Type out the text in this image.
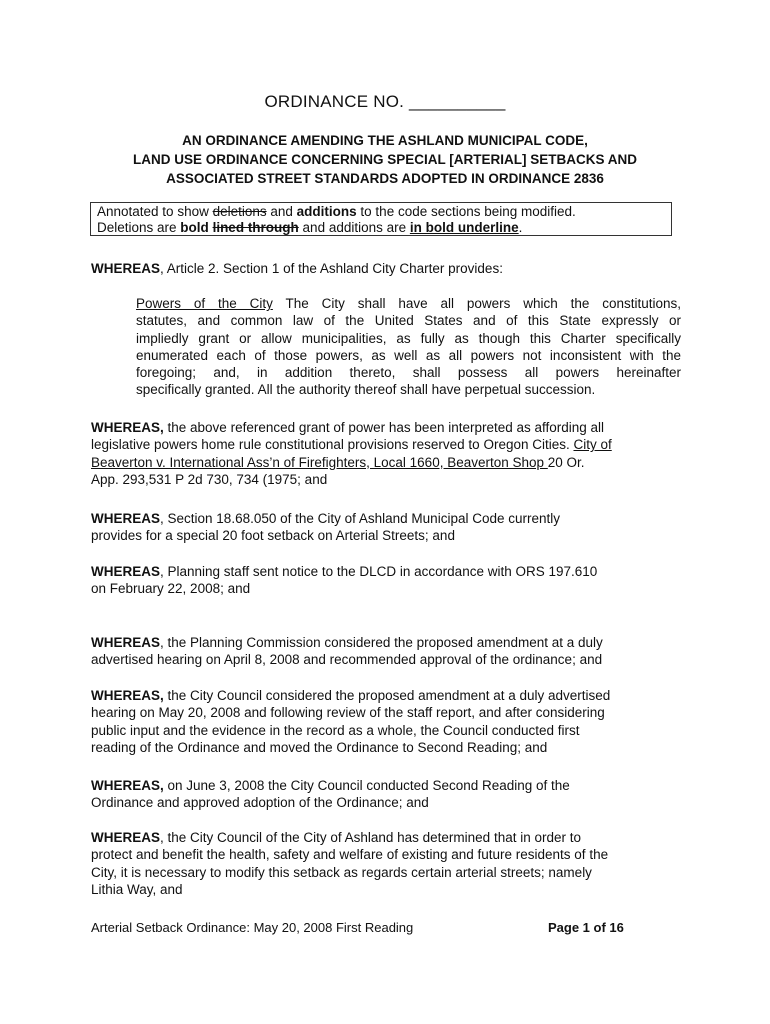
ORDINANCE NO. __________
AN ORDINANCE AMENDING THE ASHLAND MUNICIPAL CODE,
LAND USE ORDINANCE CONCERNING SPECIAL [ARTERIAL] SETBACKS AND
ASSOCIATED STREET STANDARDS ADOPTED IN ORDINANCE 2836
Annotated to show deletions and additions to the code sections being modified.
Deletions are bold lined through and additions are in bold underline.
WHEREAS, Article 2. Section 1 of the Ashland City Charter provides:
Powers of the City The City shall have all powers which the constitutions,
statutes, and common law of the United States and of this State expressly or
impliedly grant or allow municipalities, as fully as though this Charter specifically
enumerated each of those powers, as well as all powers not inconsistent with the
foregoing; and, in addition thereto, shall possess all powers hereinafter
specifically granted. All the authority thereof shall have perpetual succession.
WHEREAS, the above referenced grant of power has been interpreted as affording all
legislative powers home rule constitutional provisions reserved to Oregon Cities. City of
Beaverton v. International Ass’n of Firefighters, Local 1660, Beaverton Shop 20 Or.
App. 293,531 P 2d 730, 734 (1975; and
WHEREAS, Section 18.68.050 of the City of Ashland Municipal Code currently
provides for a special 20 foot setback on Arterial Streets; and
WHEREAS, Planning staff sent notice to the DLCD in accordance with ORS 197.610
on February 22, 2008; and
WHEREAS, the Planning Commission considered the proposed amendment at a duly
advertised hearing on April 8, 2008 and recommended approval of the ordinance; and
WHEREAS, the City Council considered the proposed amendment at a duly advertised
hearing on May 20, 2008 and following review of the staff report, and after considering
public input and the evidence in the record as a whole, the Council conducted first
reading of the Ordinance and moved the Ordinance to Second Reading; and
WHEREAS, on June 3, 2008 the City Council conducted Second Reading of the
Ordinance and approved adoption of the Ordinance; and
WHEREAS, the City Council of the City of Ashland has determined that in order to
protect and benefit the health, safety and welfare of existing and future residents of the
City, it is necessary to modify this setback as regards certain arterial streets; namely
Lithia Way, and
Arterial Setback Ordinance: May 20, 2008 First Reading	Page 1 of 16
